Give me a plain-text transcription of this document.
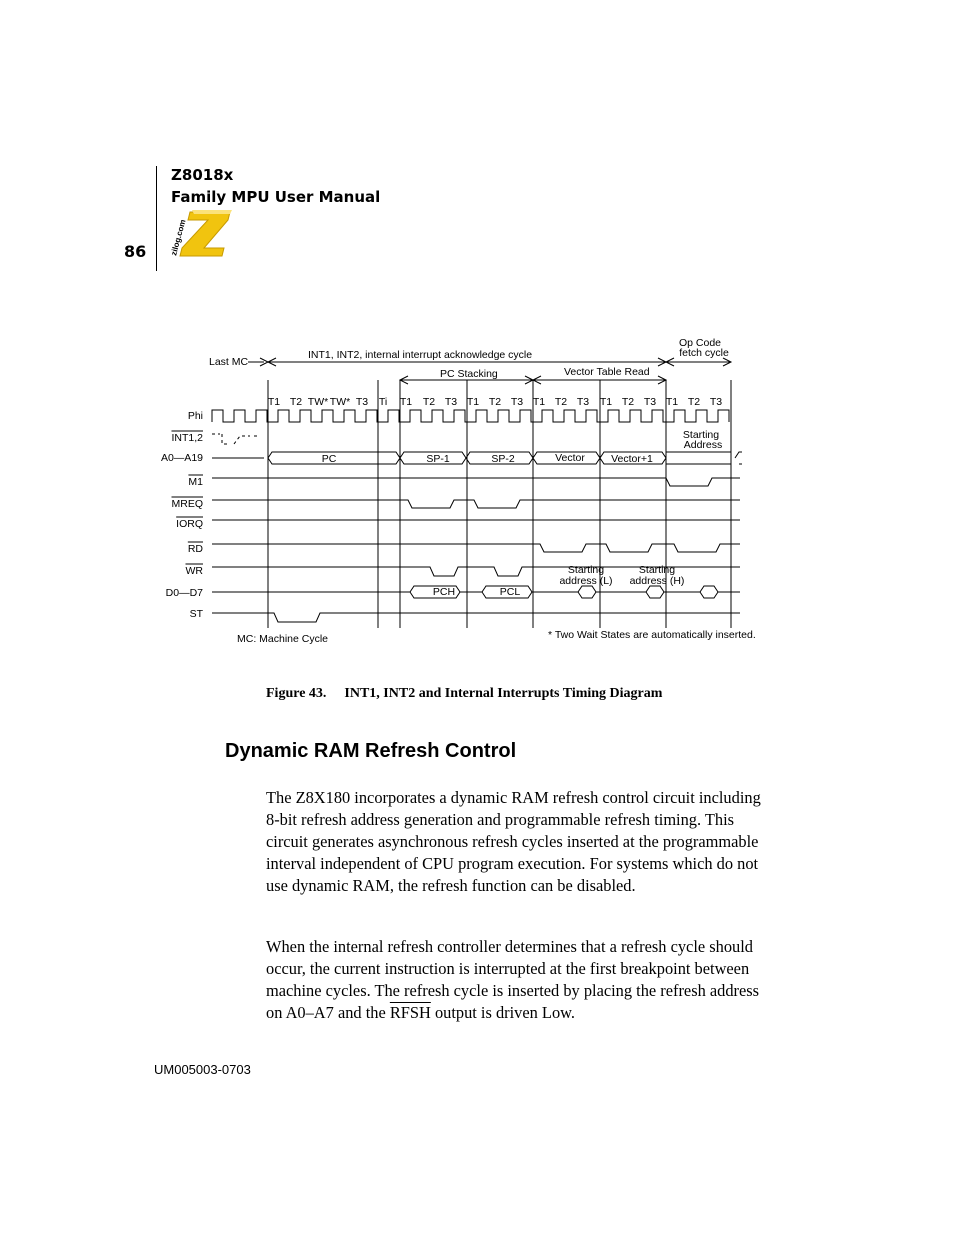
Z8018x
Family MPU User Manual
86	zilog.com
Last MC
INT1, INT2, internal interrupt acknowledge cycle
PC Stacking	Vector Table Read
Op Code
fetch cycle
T1 T2 TW* TW* T3 Ti T1 T2 T3 T1 T2 T3 T1 T2 T3 T1 T2 T3 T1 T2 T3
Phi
INT1,2
A0—A19
M1
MREQ
IORQ
RD
WR
D0—D7
ST
PC	SP-1	SP-2	Vector Vector+1
Starting
Address
PCH	PCL
Starting
address (L)
Starting
address (H)
MC: Machine Cycle	* Two Wait States are automatically inserted.
Figure 43. INT1, INT2 and Internal Interrupts Timing Diagram
Dynamic RAM Refresh Control
The Z8X180 incorporates a dynamic RAM refresh control circuit including 8-bit refresh address generation and programmable refresh timing. This circuit generates asynchronous refresh cycles inserted at the programmable interval independent of CPU program execution. For systems which do not use dynamic RAM, the refresh function can be disabled.
When the internal refresh controller determines that a refresh cycle should occur, the current instruction is interrupted at the first breakpoint between machine cycles. The refresh cycle is inserted by placing the refresh address on A0–A7 and the RFSH output is driven Low.
UM005003-0703
